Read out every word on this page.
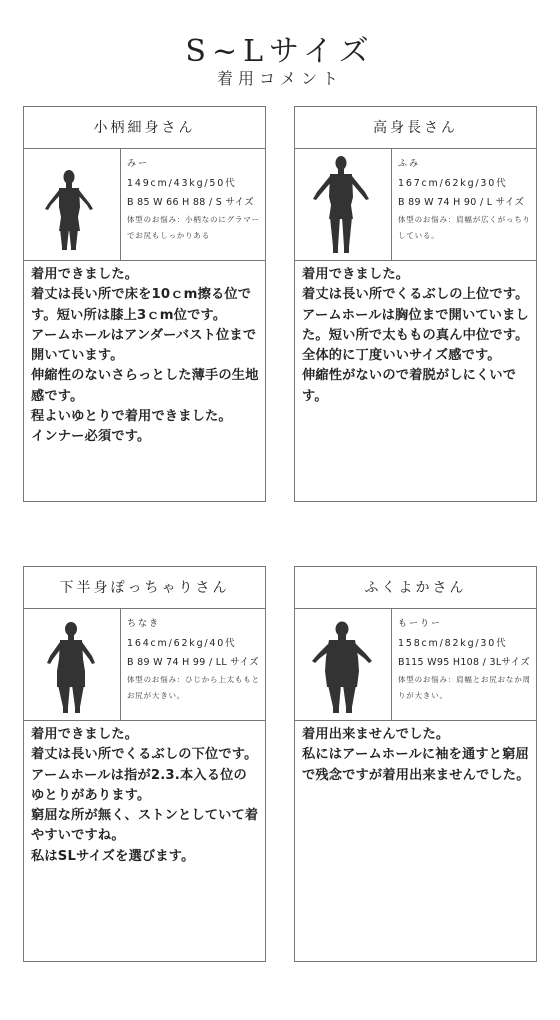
S~Lサイズ
着用コメント
小柄細身さん
みー
149cm/43kg/50代
B 85 W 66 H 88 / S サイズ
体型のお悩み：小柄なのにグラマーでお尻もしっかりある
着用できました。
着丈は長い所で床を10ｃm擦る位です。短い所は膝上3ｃm位です。
アームホールはアンダーバスト位まで開いています。
伸縮性のないさらっとした薄手の生地感です。
程よいゆとりで着用できました。
インナー必須です。
高身長さん
ふみ
167cm/62kg/30代
B 89 W 74 H 90 / L サイズ
体型のお悩み：肩幅が広くがっちりしている。
着用できました。
着丈は長い所でくるぶしの上位です。
アームホールは胸位まで開いていました。短い所で太ももの真ん中位です。
全体的に丁度いいサイズ感です。
伸縮性がないので着脱がしにくいです。
下半身ぽっちゃりさん
ちなき
164cm/62kg/40代
B 89 W 74 H 99 / LL サイズ
体型のお悩み：ひじから上太ももとお尻が大きい。
着用できました。
着丈は長い所でくるぶしの下位です。
アームホールは指が2.3.本入る位のゆとりがあります。
窮屈な所が無く、ストンとしていて着やすいですね。
私はSLサイズを選びます。
ふくよかさん
もーりー
158cm/82kg/30代
B115 W95 H108 / 3Lサイズ
体型のお悩み：肩幅とお尻おなか周りが大きい。
着用出来ませんでした。
私にはアームホールに袖を通すと窮屈で残念ですが着用出来ませんでした。
